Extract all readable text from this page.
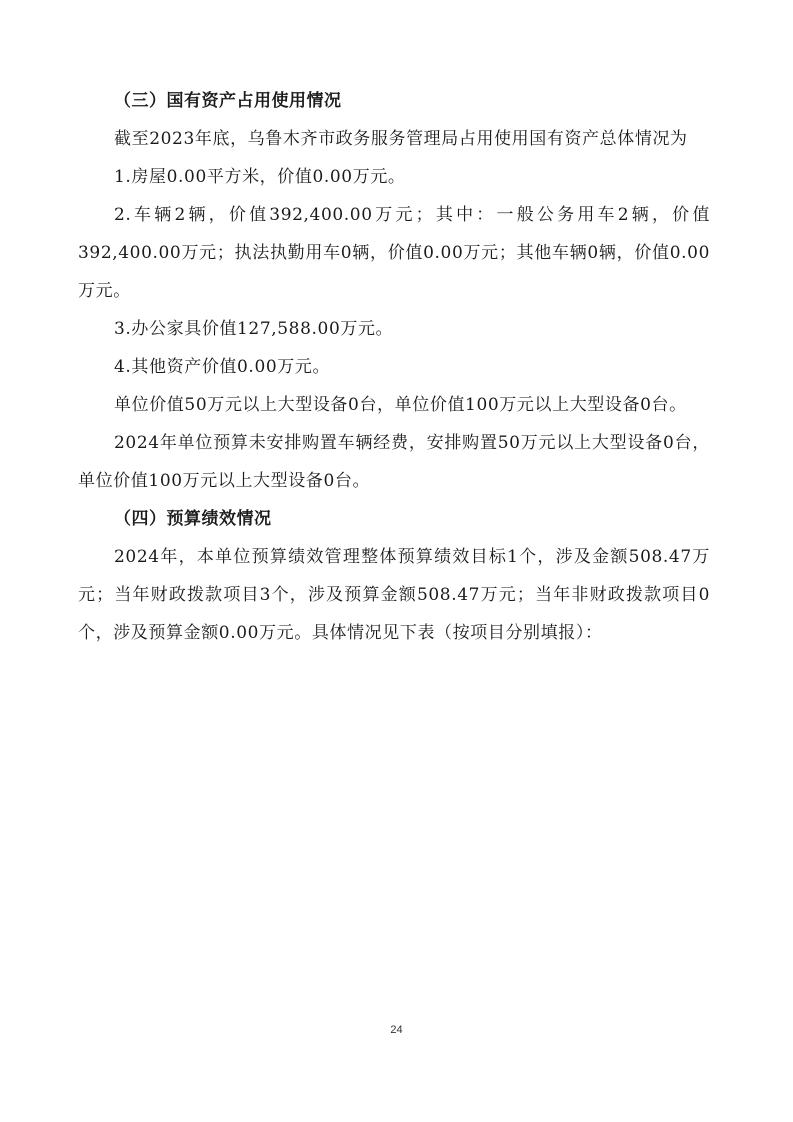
（三）国有资产占用使用情况

截至2023年底，乌鲁木齐市政务服务管理局占用使用国有资产总体情况为

1.房屋0.00平方米，价值0.00万元。

2.车辆2辆，价值392,400.00万元；其中：一般公务用车2辆，价值392,400.00万元；执法执勤用车0辆，价值0.00万元；其他车辆0辆，价值0.00万元。

3.办公家具价值127,588.00万元。

4.其他资产价值0.00万元。

单位价值50万元以上大型设备0台，单位价值100万元以上大型设备0台。

2024年单位预算未安排购置车辆经费，安排购置50万元以上大型设备0台，单位价值100万元以上大型设备0台。

（四）预算绩效情况

2024年，本单位预算绩效管理整体预算绩效目标1个，涉及金额508.47万元；当年财政拨款项目3个，涉及预算金额508.47万元；当年非财政拨款项目0个，涉及预算金额0.00万元。具体情况见下表（按项目分别填报）：

24
